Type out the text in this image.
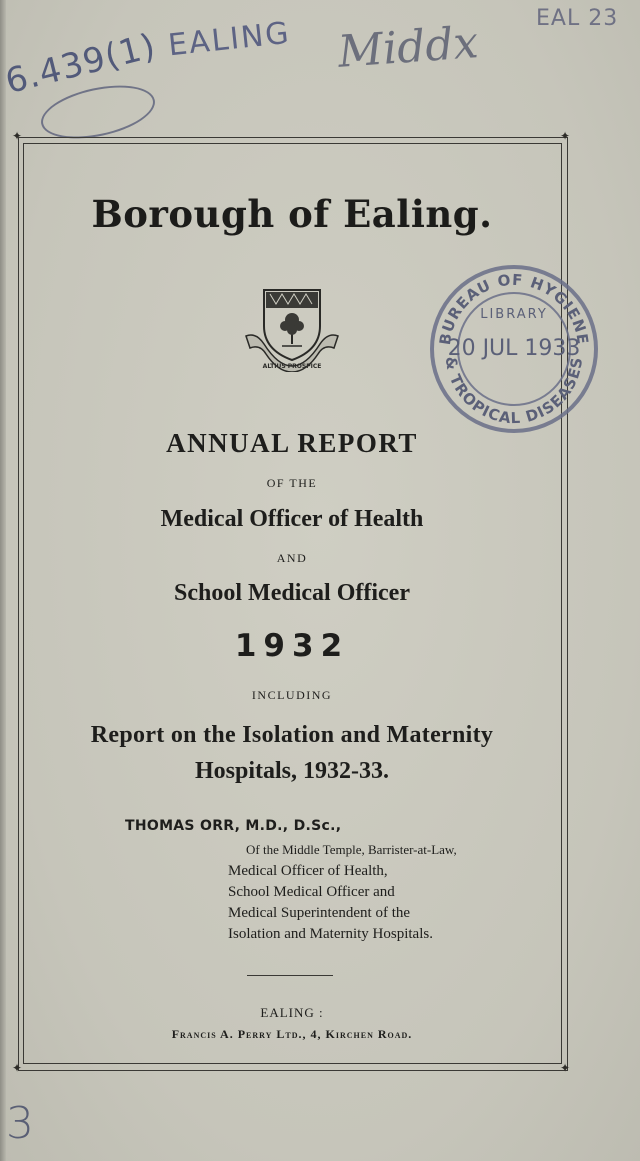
6.439(1) EALING Middx	EAL 23
3
✦	✦
✦	✦
Borough of Ealing.
ALTIUS PROSPICE
BUREAU OF HYGIENE
& TROPICAL DISEASES
LIBRARY
20 JUL 1933
ANNUAL REPORT
OF THE
Medical Officer of Health
AND
School Medical Officer
1932
INCLUDING
Report on the Isolation and Maternity
Hospitals, 1932-33.
THOMAS ORR, M.D., D.Sc.,
Of the Middle Temple, Barrister-at-Law,
Medical Officer of Health,
School Medical Officer and
Medical Superintendent of the
Isolation and Maternity Hospitals.
EALING :
Francis A. Perry Ltd., 4, Kirchen Road.
